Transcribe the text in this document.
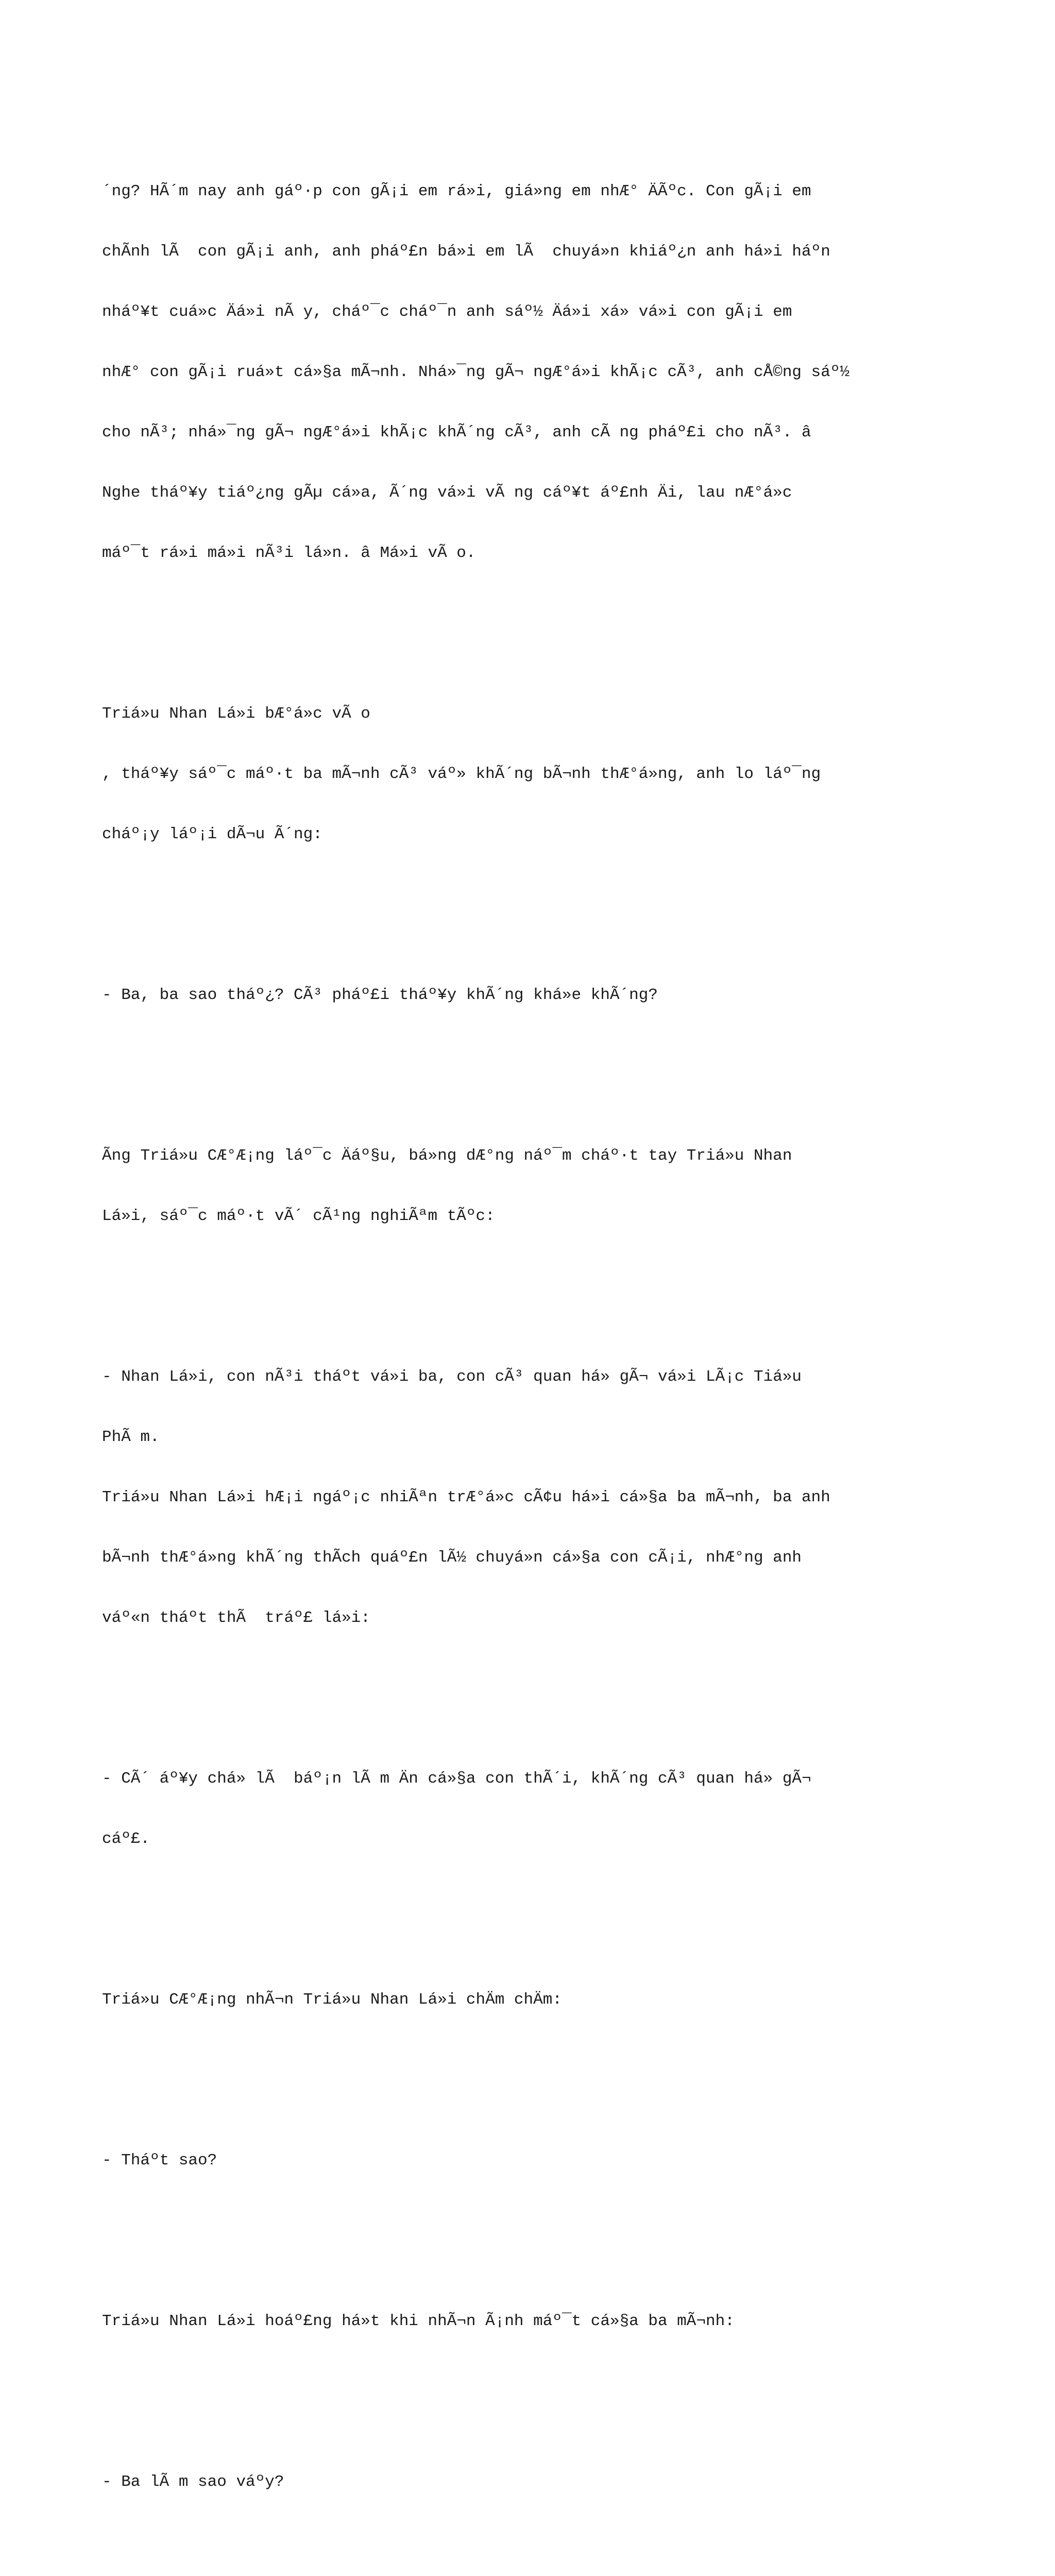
´ng? HÃ´m nay anh gáº·p con gÃ¡i em rá»i, giá»ng em nhÆ° ÄÃºc. Con gÃ¡i em

chÃnh lÃ  con gÃ¡i anh, anh pháº£n bá»i em lÃ  chuyá»n khiáº¿n anh há»i háºn

nháº¥t cuá»c Äá»i nÃ y, cháº¯c cháº¯n anh sáº½ Äá»i xá» vá»i con gÃ¡i em

nhÆ° con gÃ¡i ruá»t cá»§a mÃ¬nh. Nhá»¯ng gÃ¬ ngÆ°á»i khÃ¡c cÃ³, anh cÅ©ng sáº½

cho nÃ³; nhá»¯ng gÃ¬ ngÆ°á»i khÃ¡c khÃ´ng cÃ³, anh cÃ ng pháº£i cho nÃ³. â

Nghe tháº¥y tiáº¿ng gÃµ cá»a, Ã´ng vá»i vÃ ng cáº¥t áº£nh Äi, lau nÆ°á»c

máº¯t rá»i má»i nÃ³i lá»n. â Má»i vÃ o.

Triá»u Nhan Lá»i bÆ°á»c vÃ o

, tháº¥y sáº¯c máº·t ba mÃ¬nh cÃ³ váº» khÃ´ng bÃ¬nh thÆ°á»ng, anh lo láº¯ng

cháº¡y láº¡i dÃ¬u Ã´ng:

- Ba, ba sao tháº¿? CÃ³ pháº£i tháº¥y khÃ´ng khá»e khÃ´ng?

Ãng Triá»u CÆ°Æ¡ng láº¯c Äáº§u, bá»ng dÆ°ng náº¯m cháº·t tay Triá»u Nhan

Lá»i, sáº¯c máº·t vÃ´ cÃ¹ng nghiÃªm tÃºc:

- Nhan Lá»i, con nÃ³i tháºt vá»i ba, con cÃ³ quan há» gÃ¬ vá»i LÃ¡c Tiá»u

PhÃ m.

Triá»u Nhan Lá»i hÆ¡i ngáº¡c nhiÃªn trÆ°á»c cÃ¢u há»i cá»§a ba mÃ¬nh, ba anh

bÃ¬nh thÆ°á»ng khÃ´ng thÃch quáº£n lÃ½ chuyá»n cá»§a con cÃ¡i, nhÆ°ng anh

váº«n tháºt thÃ  tráº£ lá»i:

- CÃ´ áº¥y chá» lÃ  báº¡n lÃ m Än cá»§a con thÃ´i, khÃ´ng cÃ³ quan há» gÃ¬

cáº£.

Triá»u CÆ°Æ¡ng nhÃ¬n Triá»u Nhan Lá»i chÄm chÄm:

- Tháºt sao?

Triá»u Nhan Lá»i hoáº£ng há»t khi nhÃ¬n Ã¡nh máº¯t cá»§a ba mÃ¬nh:

- Ba lÃ m sao váºy?
